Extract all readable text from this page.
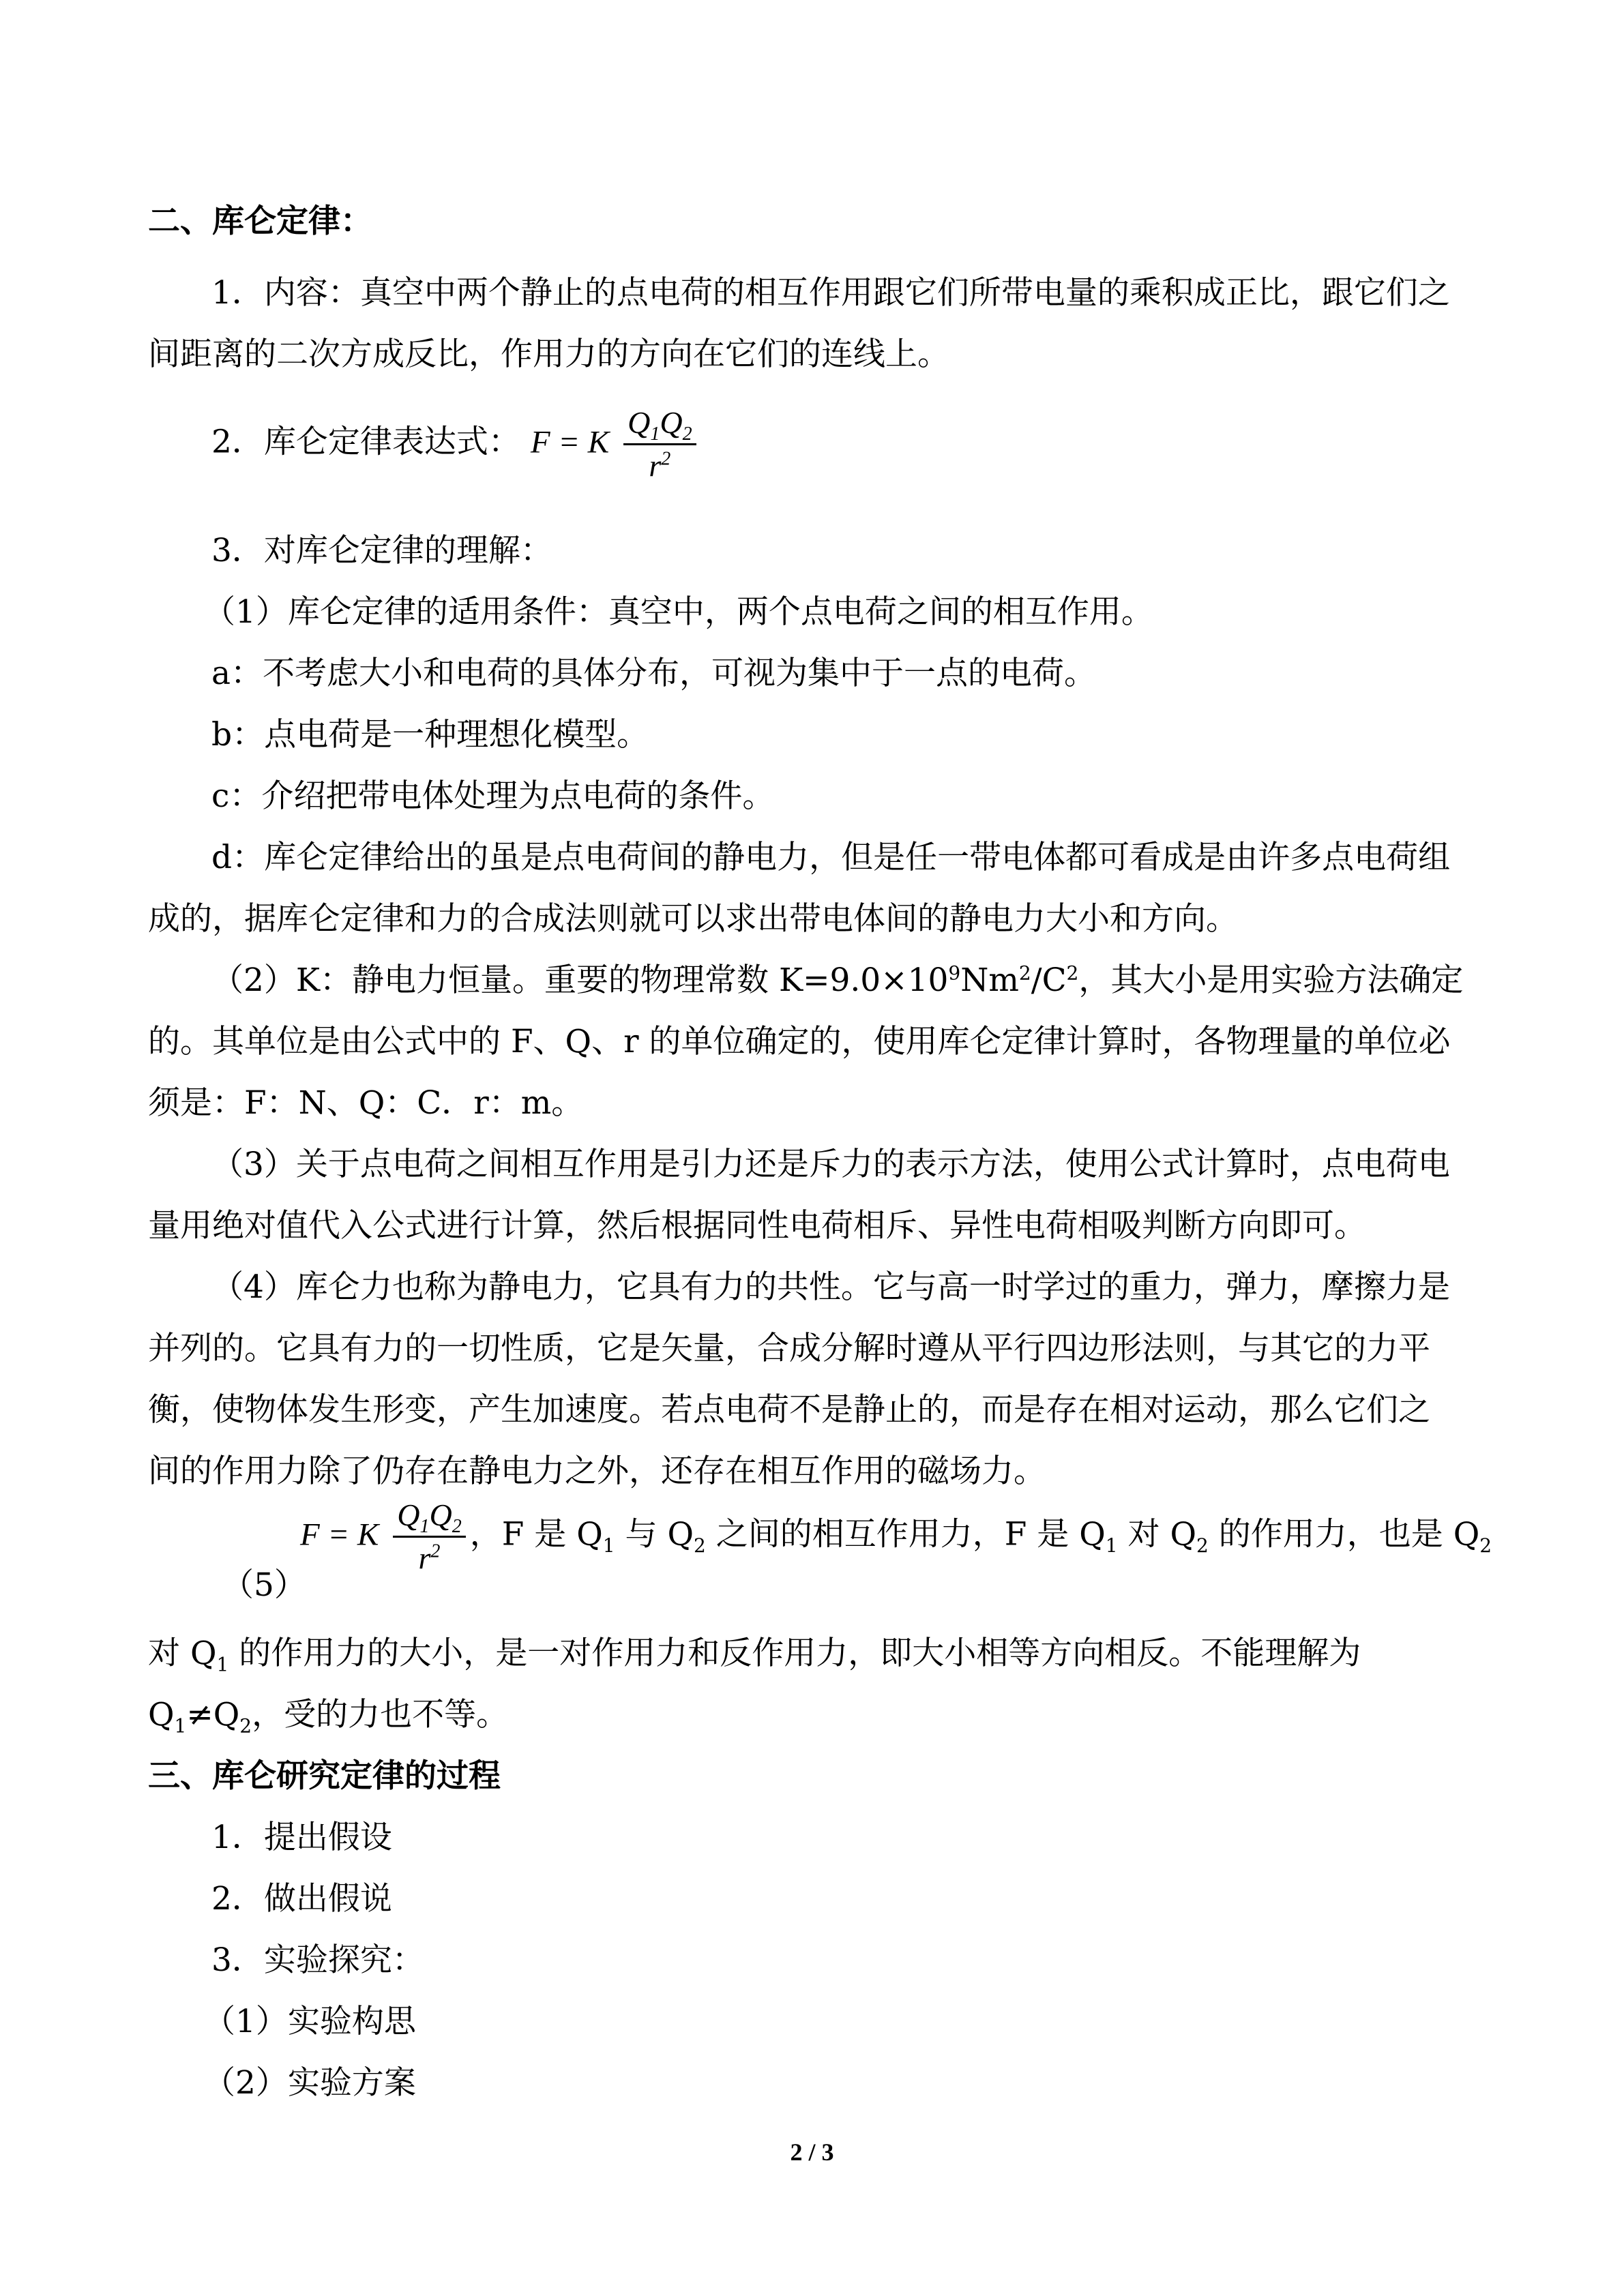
二、库仑定律：
1．内容：真空中两个静止的点电荷的相互作用跟它们所带电量的乘积成正比，跟它们之
间距离的二次方成反比，作用力的方向在它们的连线上。
2．库仑定律表达式： F = K $\frac{Q_1Q_2}{r^2}$
3．对库仑定律的理解：
（1）库仑定律的适用条件：真空中，两个点电荷之间的相互作用。
a：不考虑大小和电荷的具体分布，可视为集中于一点的电荷。
b：点电荷是一种理想化模型。
c：介绍把带电体处理为点电荷的条件。
d：库仑定律给出的虽是点电荷间的静电力，但是任一带电体都可看成是由许多点电荷组
成的，据库仑定律和力的合成法则就可以求出带电体间的静电力大小和方向。
（2）K：静电力恒量。重要的物理常数 $K=9.0\times 10^9Nm^2/C^2$，其大小是用实验方法确定
的。其单位是由公式中的 F、Q、r 的单位确定的，使用库仑定律计算时，各物理量的单位必
须是：F：N、Q：C．r：m。
（3）关于点电荷之间相互作用是引力还是斥力的表示方法，使用公式计算时，点电荷电
量用绝对值代入公式进行计算，然后根据同性电荷相斥、异性电荷相吸判断方向即可。
（4）库仑力也称为静电力，它具有力的共性。它与高一时学过的重力，弹力，摩擦力是
并列的。它具有力的一切性质，它是矢量，合成分解时遵从平行四边形法则，与其它的力平
衡，使物体发生形变，产生加速度。若点电荷不是静止的，而是存在相对运动，那么它们之
间的作用力除了仍存在静电力之外，还存在相互作用的磁场力。
（5）
F = K $\frac{Q_1Q_2}{r^2}$ ，F 是 $Q_1$ 与 $Q_2$ 之间的相互作用力，F 是 $Q_1$ 对 $Q_2$ 的作用力，也是 $Q_2$
对 $Q_1$ 的作用力的大小，是一对作用力和反作用力，即大小相等方向相反。不能理解为
$Q_1\ne Q_2$，受的力也不等。
三、库仑研究定律的过程
1．提出假设
2．做出假说
3．实验探究：
（1）实验构思
（2）实验方案
2 / 3
